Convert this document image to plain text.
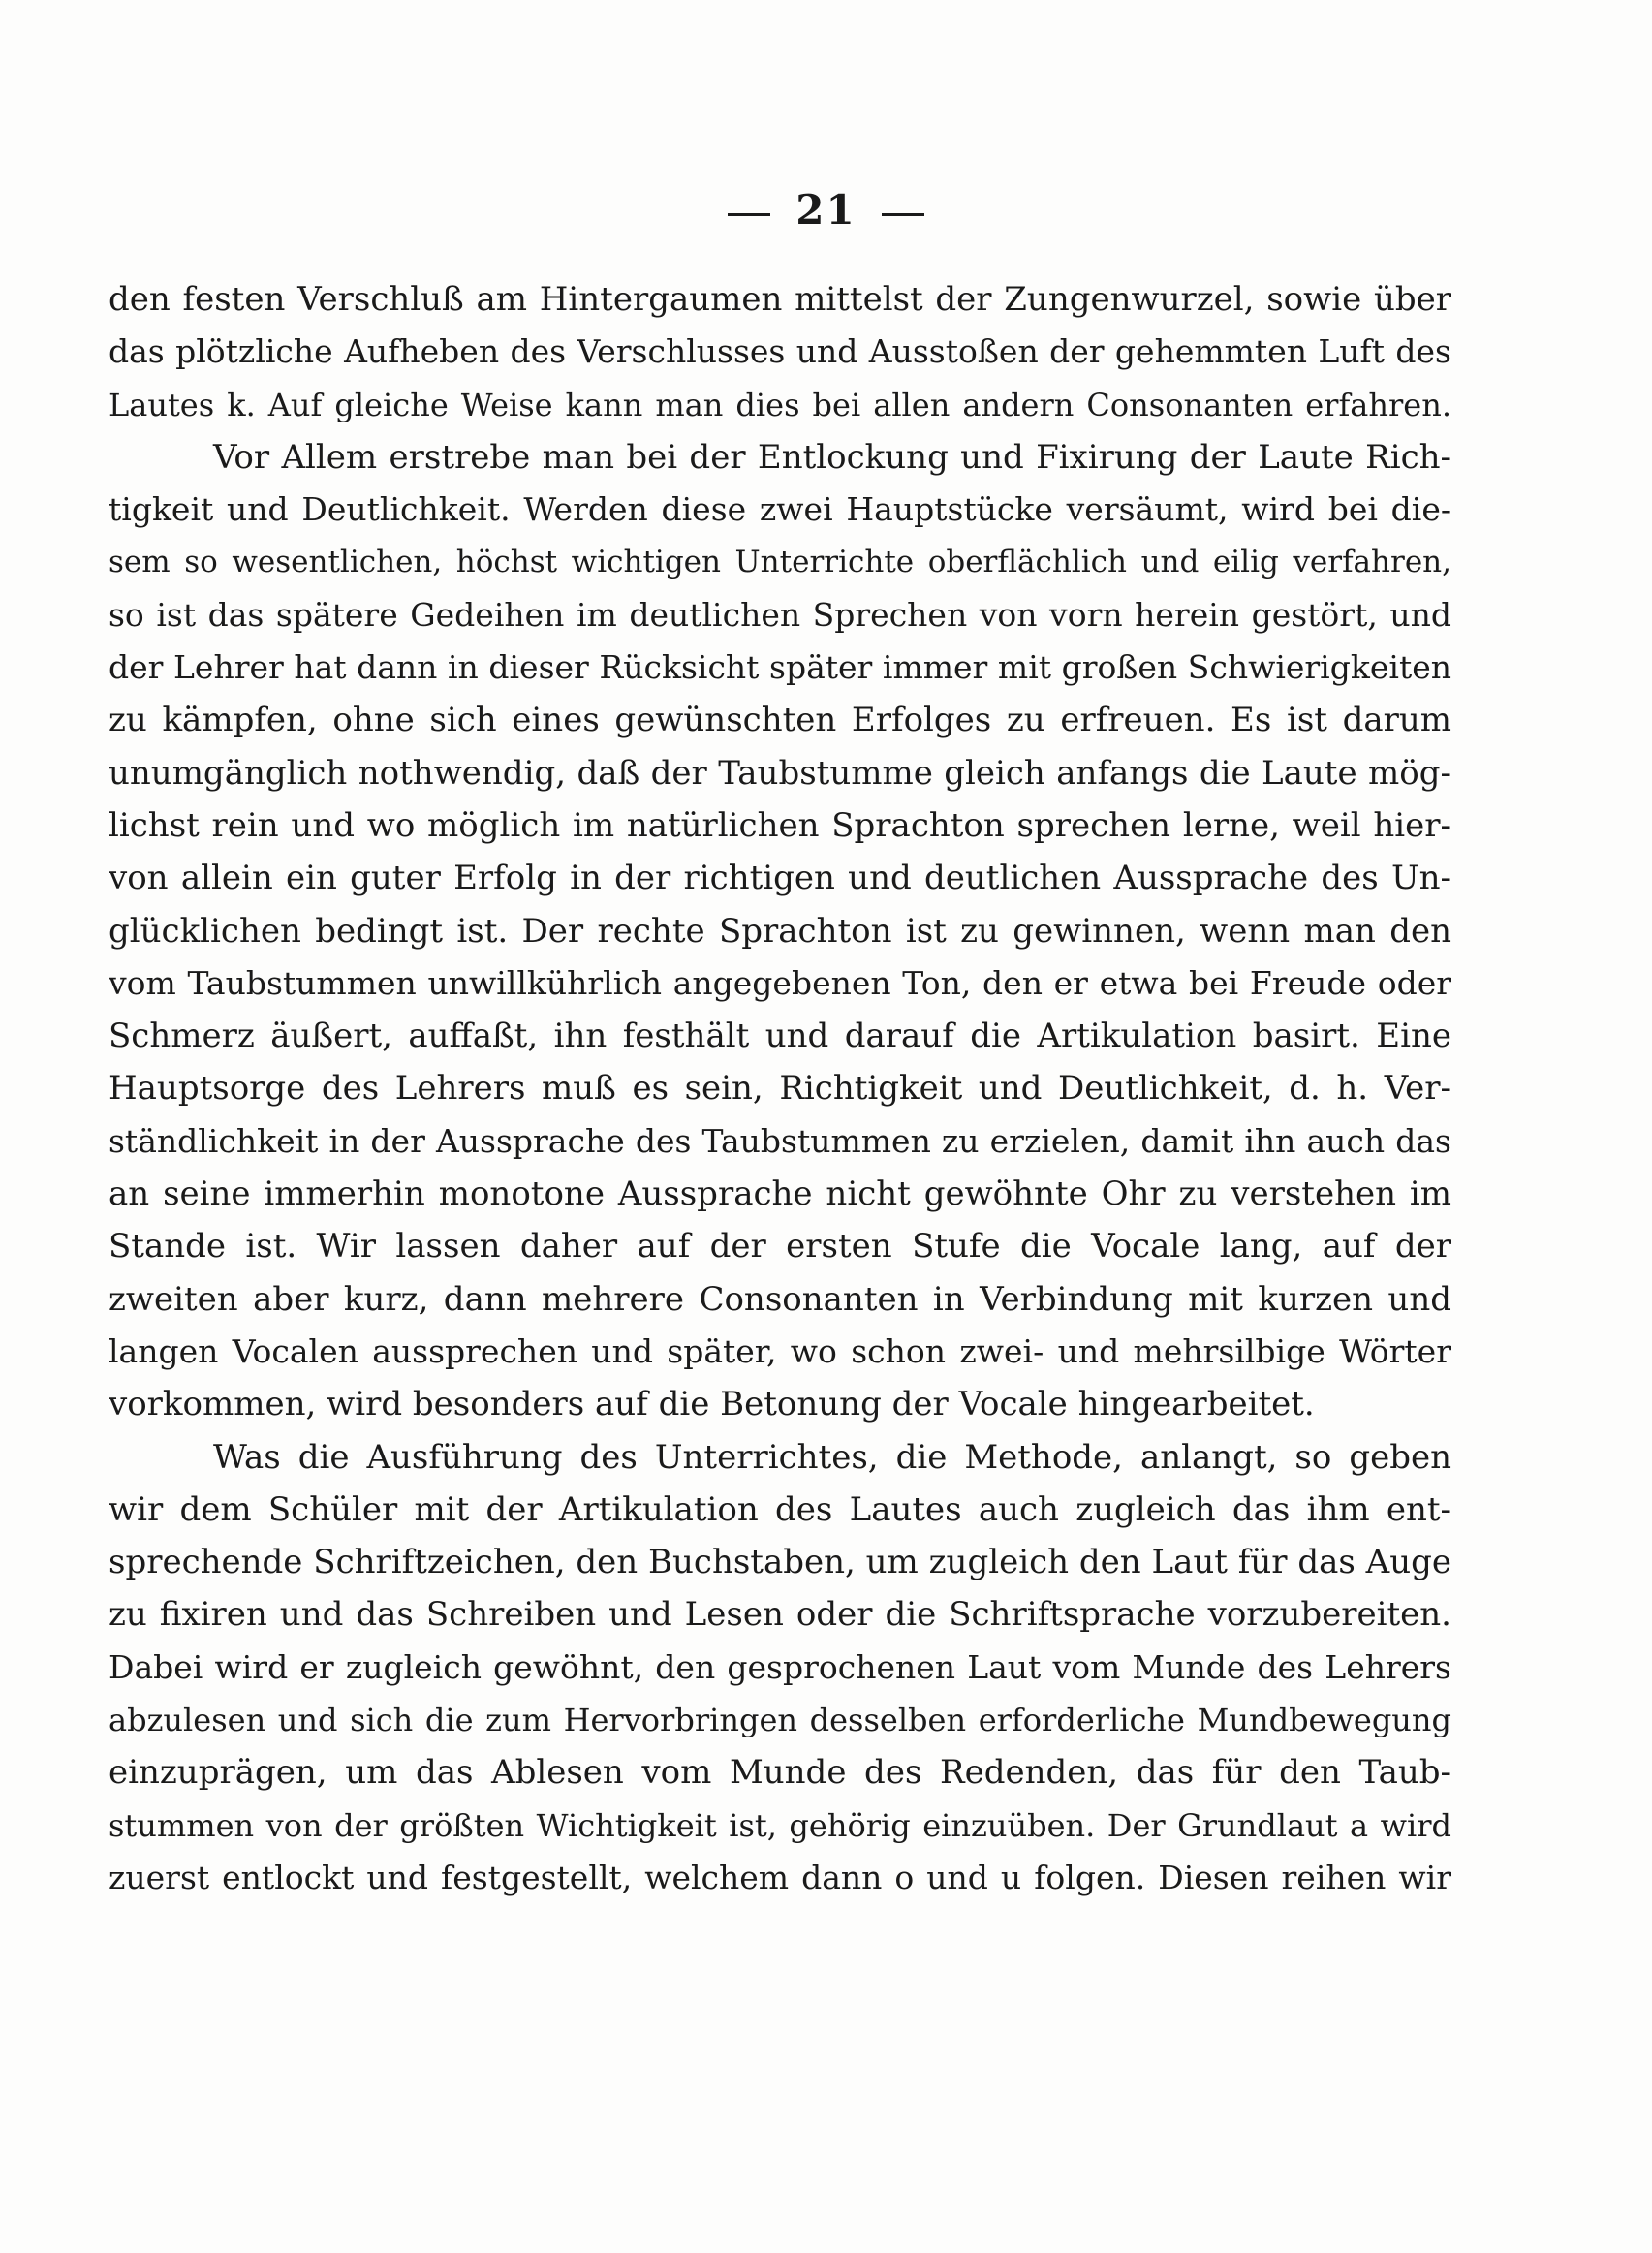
21
den festen Verschluß am Hintergaumen mittelst der Zungenwurzel, sowie über
das plötzliche Aufheben des Verschlusses und Ausstoßen der gehemmten Luft des
Lautes k. Auf gleiche Weise kann man dies bei allen andern Consonanten erfahren.
Vor Allem erstrebe man bei der Entlockung und Fixirung der Laute Rich-
tigkeit und Deutlichkeit. Werden diese zwei Hauptstücke versäumt, wird bei die-
sem so wesentlichen, höchst wichtigen Unterrichte oberflächlich und eilig verfahren,
so ist das spätere Gedeihen im deutlichen Sprechen von vorn herein gestört, und
der Lehrer hat dann in dieser Rücksicht später immer mit großen Schwierigkeiten
zu kämpfen, ohne sich eines gewünschten Erfolges zu erfreuen. Es ist darum
unumgänglich nothwendig, daß der Taubstumme gleich anfangs die Laute mög-
lichst rein und wo möglich im natürlichen Sprachton sprechen lerne, weil hier-
von allein ein guter Erfolg in der richtigen und deutlichen Aussprache des Un-
glücklichen bedingt ist. Der rechte Sprachton ist zu gewinnen, wenn man den
vom Taubstummen unwillkührlich angegebenen Ton, den er etwa bei Freude oder
Schmerz äußert, auffaßt, ihn festhält und darauf die Artikulation basirt. Eine
Hauptsorge des Lehrers muß es sein, Richtigkeit und Deutlichkeit, d. h. Ver-
ständlichkeit in der Aussprache des Taubstummen zu erzielen, damit ihn auch das
an seine immerhin monotone Aussprache nicht gewöhnte Ohr zu verstehen im
Stande ist. Wir lassen daher auf der ersten Stufe die Vocale lang, auf der
zweiten aber kurz, dann mehrere Consonanten in Verbindung mit kurzen und
langen Vocalen aussprechen und später, wo schon zwei- und mehrsilbige Wörter
vorkommen, wird besonders auf die Betonung der Vocale hingearbeitet.
Was die Ausführung des Unterrichtes, die Methode, anlangt, so geben
wir dem Schüler mit der Artikulation des Lautes auch zugleich das ihm ent-
sprechende Schriftzeichen, den Buchstaben, um zugleich den Laut für das Auge
zu fixiren und das Schreiben und Lesen oder die Schriftsprache vorzubereiten.
Dabei wird er zugleich gewöhnt, den gesprochenen Laut vom Munde des Lehrers
abzulesen und sich die zum Hervorbringen desselben erforderliche Mundbewegung
einzuprägen, um das Ablesen vom Munde des Redenden, das für den Taub-
stummen von der größten Wichtigkeit ist, gehörig einzuüben. Der Grundlaut a wird
zuerst entlockt und festgestellt, welchem dann o und u folgen. Diesen reihen wir
